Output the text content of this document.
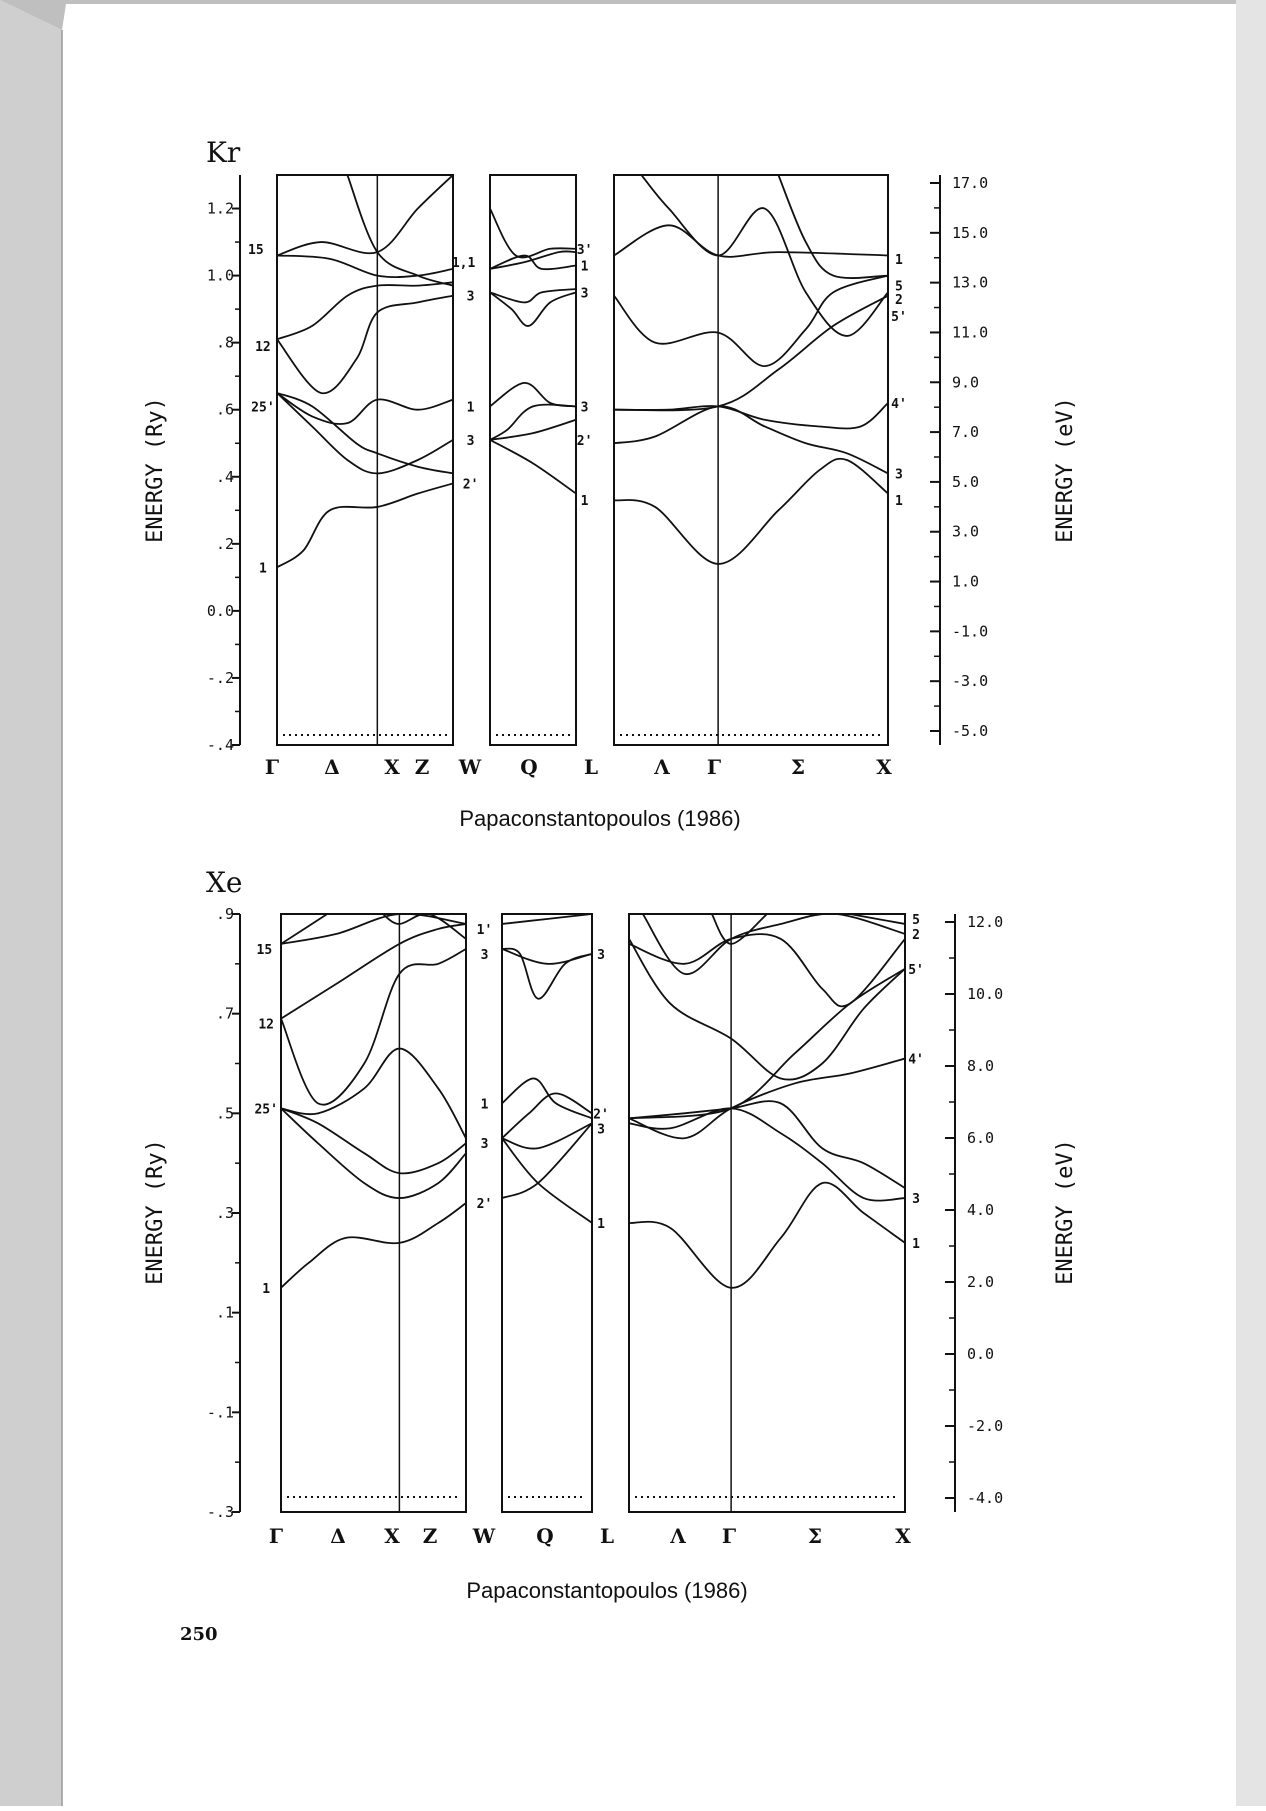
Kr
ENERGY (Ry)	ENERGY (eV)
1.2
1.0
.8
.6
.4
.2
0.0
-.2
-.4
17.0
15.0
13.0
11.0
9.0
7.0
5.0
3.0
1.0
-1.0
-3.0
-5.0
1
25'
12
15
2'
3
1
3
1,1
1
2'
3
3
1
3'
1
3
4'
5'
2
5
1
Papaconstantopoulos (1986)
Γ Δ X Z W Q L	Λ Γ	Σ	X
Xe
ENERGY (Ry)	ENERGY (eV)
.9
.7
.5
.3
.1
-.1
-.3
12.0
10.0
8.0
6.0
4.0
2.0
0.0
-2.0
-4.0
1
25'
12
15
2'
3
1
3
1'
1
3
2'
3
1
3
4'
5'
2
5
Papaconstantopoulos (1986)
Γ Δ X Z W Q L	Λ Γ	Σ	X
250
